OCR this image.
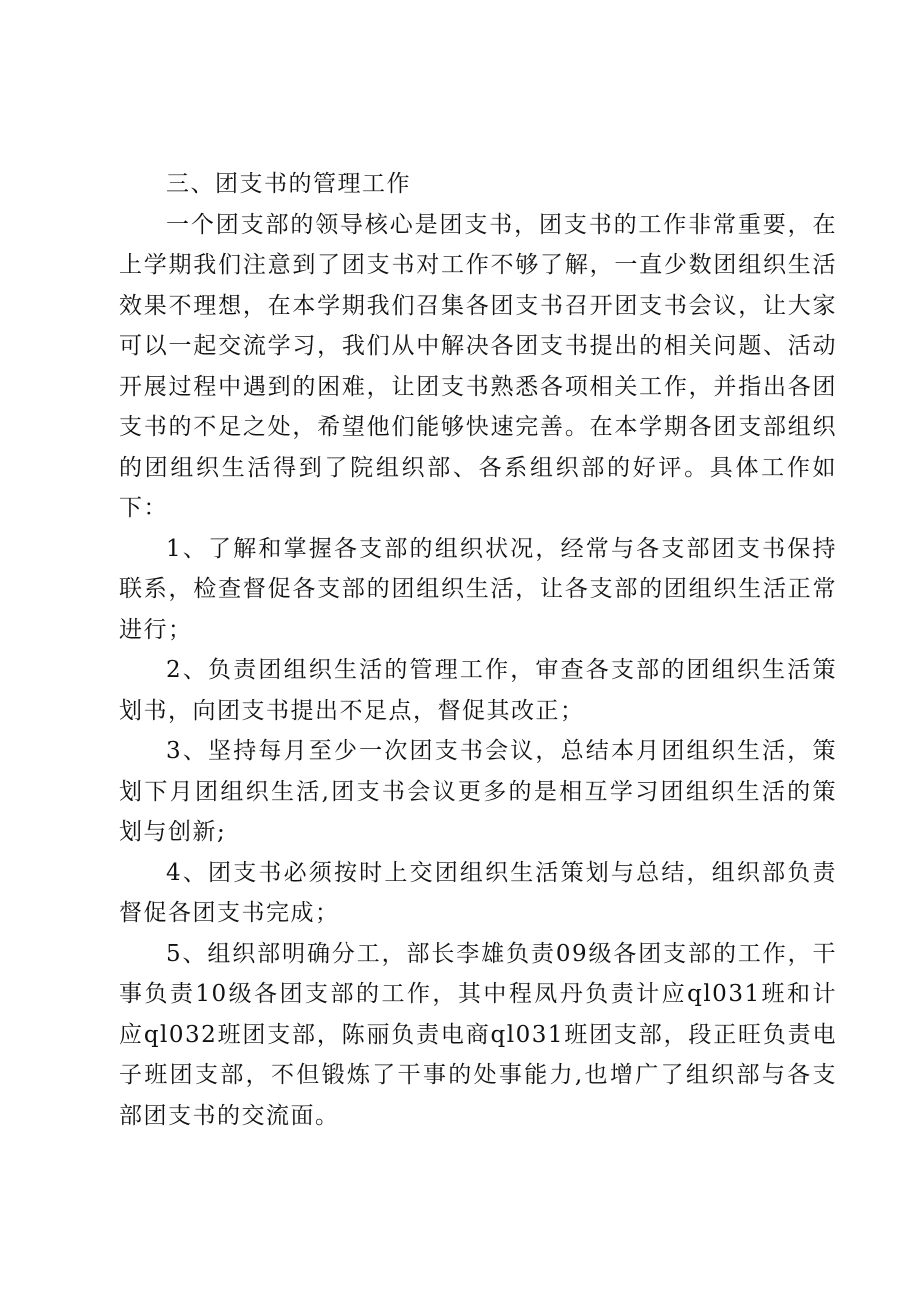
三、团支书的管理工作

一个团支部的领导核心是团支书，团支书的工作非常重要，在上学期我们注意到了团支书对工作不够了解，一直少数团组织生活效果不理想，在本学期我们召集各团支书召开团支书会议，让大家可以一起交流学习，我们从中解决各团支书提出的相关问题、活动开展过程中遇到的困难，让团支书熟悉各项相关工作，并指出各团支书的不足之处，希望他们能够快速完善。在本学期各团支部组织的团组织生活得到了院组织部、各系组织部的好评。具体工作如下：

1、了解和掌握各支部的组织状况，经常与各支部团支书保持联系，检查督促各支部的团组织生活，让各支部的团组织生活正常进行；

2、负责团组织生活的管理工作，审查各支部的团组织生活策划书，向团支书提出不足点，督促其改正；

3、坚持每月至少一次团支书会议，总结本月团组织生活，策划下月团组织生活,团支书会议更多的是相互学习团组织生活的策划与创新;

4、团支书必须按时上交团组织生活策划与总结，组织部负责督促各团支书完成；

5、组织部明确分工，部长李雄负责09级各团支部的工作，干事负责10级各团支部的工作，其中程凤丹负责计应ql031班和计应ql032班团支部，陈丽负责电商ql031班团支部，段正旺负责电子班团支部，不但锻炼了干事的处事能力,也增广了组织部与各支部团支书的交流面。
